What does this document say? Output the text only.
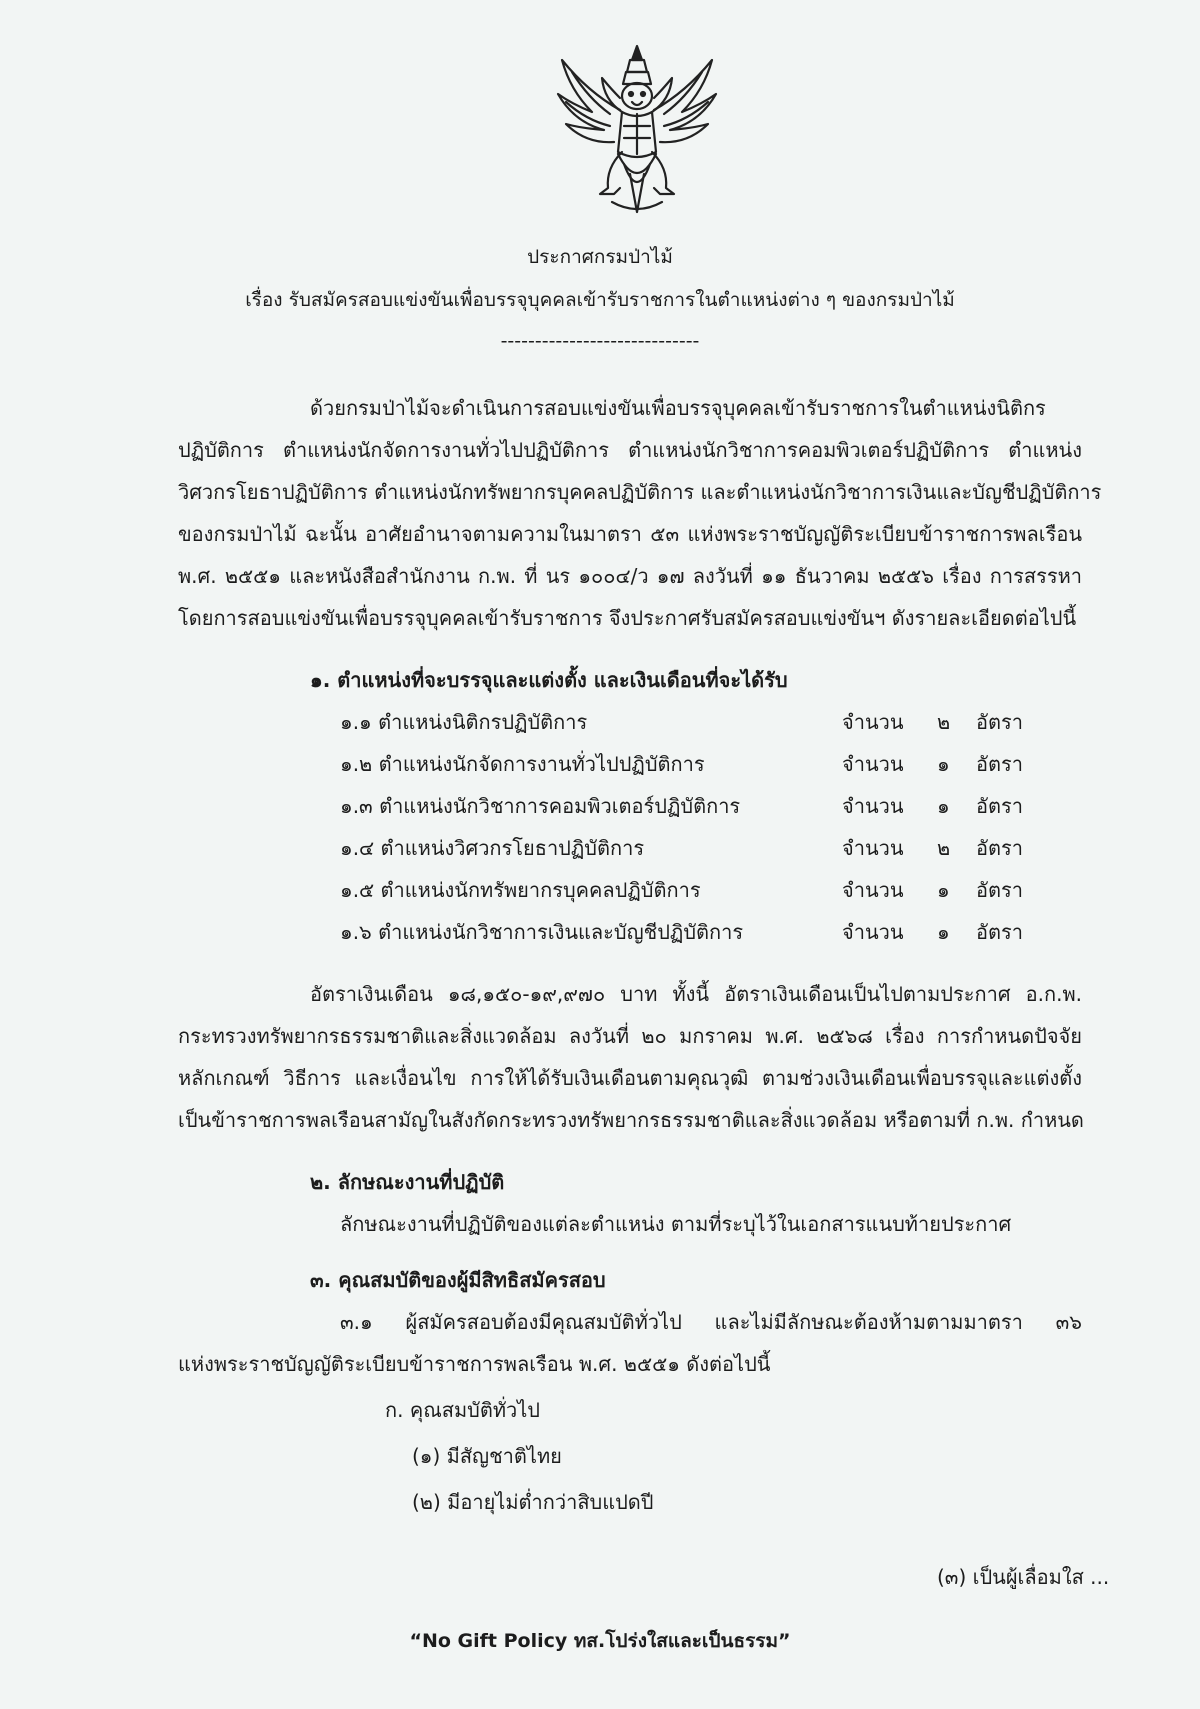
ประกาศกรมป่าไม้
เรื่อง รับสมัครสอบแข่งขันเพื่อบรรจุบุคคลเข้ารับราชการในตำแหน่งต่าง ๆ ของกรมป่าไม้
-----------------------------
ด้วยกรมป่าไม้จะดำเนินการสอบแข่งขันเพื่อบรรจุบุคคลเข้ารับราชการในตำแหน่งนิติกร
ปฏิบัติการ ตำแหน่งนักจัดการงานทั่วไปปฏิบัติการ ตำแหน่งนักวิชาการคอมพิวเตอร์ปฏิบัติการ ตำแหน่ง
วิศวกรโยธาปฏิบัติการ ตำแหน่งนักทรัพยากรบุคคลปฏิบัติการ และตำแหน่งนักวิชาการเงินและบัญชีปฏิบัติการ
ของกรมป่าไม้ ฉะนั้น อาศัยอำนาจตามความในมาตรา ๕๓ แห่งพระราชบัญญัติระเบียบข้าราชการพลเรือน
พ.ศ. ๒๕๕๑ และหนังสือสำนักงาน ก.พ. ที่ นร ๑๐๐๔/ว ๑๗ ลงวันที่ ๑๑ ธันวาคม ๒๕๕๖ เรื่อง การสรรหา
โดยการสอบแข่งขันเพื่อบรรจุบุคคลเข้ารับราชการ จึงประกาศรับสมัครสอบแข่งขันฯ ดังรายละเอียดต่อไปนี้
๑. ตำแหน่งที่จะบรรจุและแต่งตั้ง และเงินเดือนที่จะได้รับ
๑.๑ ตำแหน่งนิติกรปฏิบัติการ	จำนวน ๒ อัตรา
๑.๒ ตำแหน่งนักจัดการงานทั่วไปปฏิบัติการ	จำนวน ๑ อัตรา
๑.๓ ตำแหน่งนักวิชาการคอมพิวเตอร์ปฏิบัติการ	จำนวน ๑ อัตรา
๑.๔ ตำแหน่งวิศวกรโยธาปฏิบัติการ	จำนวน ๒ อัตรา
๑.๕ ตำแหน่งนักทรัพยากรบุคคลปฏิบัติการ	จำนวน ๑ อัตรา
๑.๖ ตำแหน่งนักวิชาการเงินและบัญชีปฏิบัติการ	จำนวน ๑ อัตรา
อัตราเงินเดือน ๑๘,๑๕๐-๑๙,๙๗๐ บาท ทั้งนี้ อัตราเงินเดือนเป็นไปตามประกาศ อ.ก.พ.
กระทรวงทรัพยากรธรรมชาติและสิ่งแวดล้อม ลงวันที่ ๒๐ มกราคม พ.ศ. ๒๕๖๘ เรื่อง การกำหนดปัจจัย
หลักเกณฑ์ วิธีการ และเงื่อนไข การให้ได้รับเงินเดือนตามคุณวุฒิ ตามช่วงเงินเดือนเพื่อบรรจุและแต่งตั้ง
เป็นข้าราชการพลเรือนสามัญในสังกัดกระทรวงทรัพยากรธรรมชาติและสิ่งแวดล้อม หรือตามที่ ก.พ. กำหนด
๒. ลักษณะงานที่ปฏิบัติ
ลักษณะงานที่ปฏิบัติของแต่ละตำแหน่ง ตามที่ระบุไว้ในเอกสารแนบท้ายประกาศ
๓. คุณสมบัติของผู้มีสิทธิสมัครสอบ
๓.๑ ผู้สมัครสอบต้องมีคุณสมบัติทั่วไป และไม่มีลักษณะต้องห้ามตามมาตรา ๓๖
แห่งพระราชบัญญัติระเบียบข้าราชการพลเรือน พ.ศ. ๒๕๕๑ ดังต่อไปนี้
ก. คุณสมบัติทั่วไป
(๑) มีสัญชาติไทย
(๒) มีอายุไม่ต่ำกว่าสิบแปดปี
(๓) เป็นผู้เลื่อมใส ...
“No Gift Policy ทส.โปร่งใสและเป็นธรรม”
